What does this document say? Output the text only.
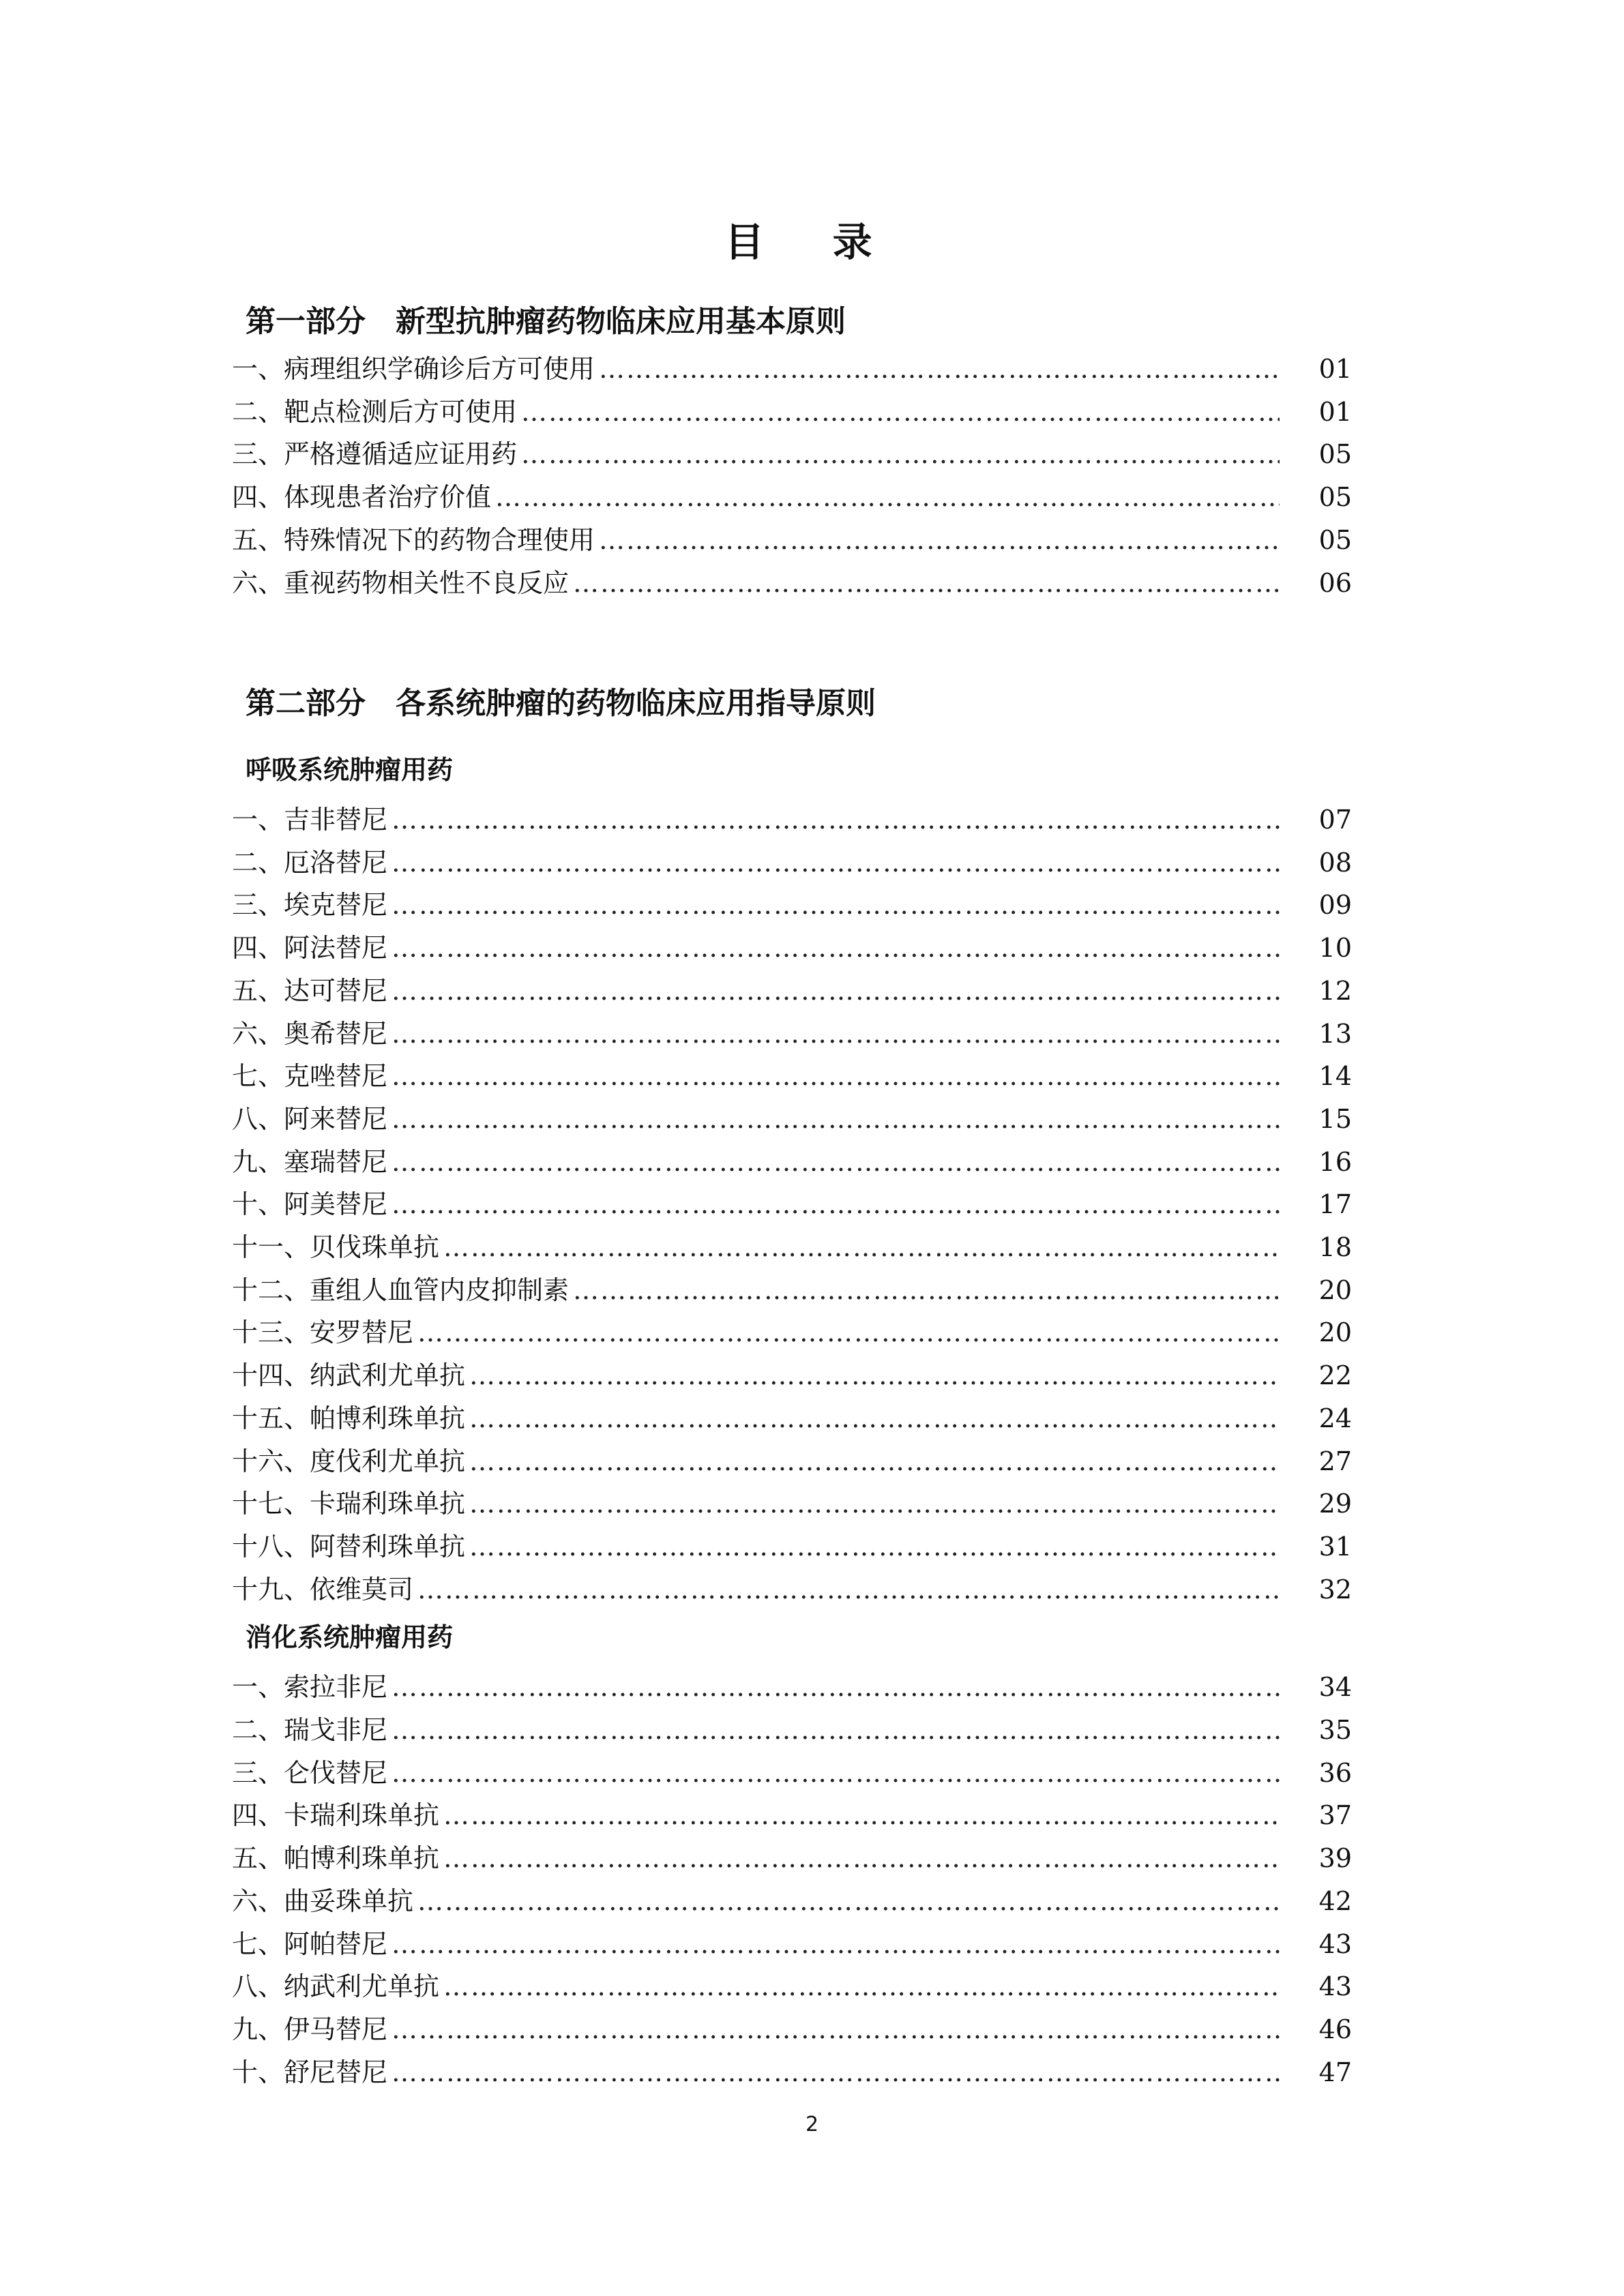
目 录
第一部分　新型抗肿瘤药物临床应用基本原则
一、病理组织学确诊后方可使用 ……………………………………………………………………………………………………………………………………………………………………………………………………………………………………………………	01
二、靶点检测后方可使用 ……………………………………………………………………………………………………………………………………………………………………………………………………………………………………………………	01
三、严格遵循适应证用药 ……………………………………………………………………………………………………………………………………………………………………………………………………………………………………………………	05
四、体现患者治疗价值 ……………………………………………………………………………………………………………………………………………………………………………………………………………………………………………………	05
五、特殊情况下的药物合理使用 ……………………………………………………………………………………………………………………………………………………………………………………………………………………………………………………	05
六、重视药物相关性不良反应 ……………………………………………………………………………………………………………………………………………………………………………………………………………………………………………………	06
第二部分　各系统肿瘤的药物临床应用指导原则
呼吸系统肿瘤用药
一、吉非替尼 ……………………………………………………………………………………………………………………………………………………………………………………………………………………………………………………	07
二、厄洛替尼 ……………………………………………………………………………………………………………………………………………………………………………………………………………………………………………………	08
三、埃克替尼 ……………………………………………………………………………………………………………………………………………………………………………………………………………………………………………………	09
四、阿法替尼 ……………………………………………………………………………………………………………………………………………………………………………………………………………………………………………………	10
五、达可替尼 ……………………………………………………………………………………………………………………………………………………………………………………………………………………………………………………	12
六、奥希替尼 ……………………………………………………………………………………………………………………………………………………………………………………………………………………………………………………	13
七、克唑替尼 ……………………………………………………………………………………………………………………………………………………………………………………………………………………………………………………	14
八、阿来替尼 ……………………………………………………………………………………………………………………………………………………………………………………………………………………………………………………	15
九、塞瑞替尼 ……………………………………………………………………………………………………………………………………………………………………………………………………………………………………………………	16
十、阿美替尼 ……………………………………………………………………………………………………………………………………………………………………………………………………………………………………………………	17
十一、贝伐珠单抗 ……………………………………………………………………………………………………………………………………………………………………………………………………………………………………………………	18
十二、重组人血管内皮抑制素 ……………………………………………………………………………………………………………………………………………………………………………………………………………………………………………………	20
十三、安罗替尼 ……………………………………………………………………………………………………………………………………………………………………………………………………………………………………………………	20
十四、纳武利尤单抗 ……………………………………………………………………………………………………………………………………………………………………………………………………………………………………………………	22
十五、帕博利珠单抗 ……………………………………………………………………………………………………………………………………………………………………………………………………………………………………………………	24
十六、度伐利尤单抗 ……………………………………………………………………………………………………………………………………………………………………………………………………………………………………………………	27
十七、卡瑞利珠单抗 ……………………………………………………………………………………………………………………………………………………………………………………………………………………………………………………	29
十八、阿替利珠单抗 ……………………………………………………………………………………………………………………………………………………………………………………………………………………………………………………	31
十九、依维莫司 ……………………………………………………………………………………………………………………………………………………………………………………………………………………………………………………	32
消化系统肿瘤用药
一、索拉非尼 ……………………………………………………………………………………………………………………………………………………………………………………………………………………………………………………	34
二、瑞戈非尼 ……………………………………………………………………………………………………………………………………………………………………………………………………………………………………………………	35
三、仑伐替尼 ……………………………………………………………………………………………………………………………………………………………………………………………………………………………………………………	36
四、卡瑞利珠单抗 ……………………………………………………………………………………………………………………………………………………………………………………………………………………………………………………	37
五、帕博利珠单抗 ……………………………………………………………………………………………………………………………………………………………………………………………………………………………………………………	39
六、曲妥珠单抗 ……………………………………………………………………………………………………………………………………………………………………………………………………………………………………………………	42
七、阿帕替尼 ……………………………………………………………………………………………………………………………………………………………………………………………………………………………………………………	43
八、纳武利尤单抗 ……………………………………………………………………………………………………………………………………………………………………………………………………………………………………………………	43
九、伊马替尼 ……………………………………………………………………………………………………………………………………………………………………………………………………………………………………………………	46
十、舒尼替尼 ……………………………………………………………………………………………………………………………………………………………………………………………………………………………………………………	47
2
